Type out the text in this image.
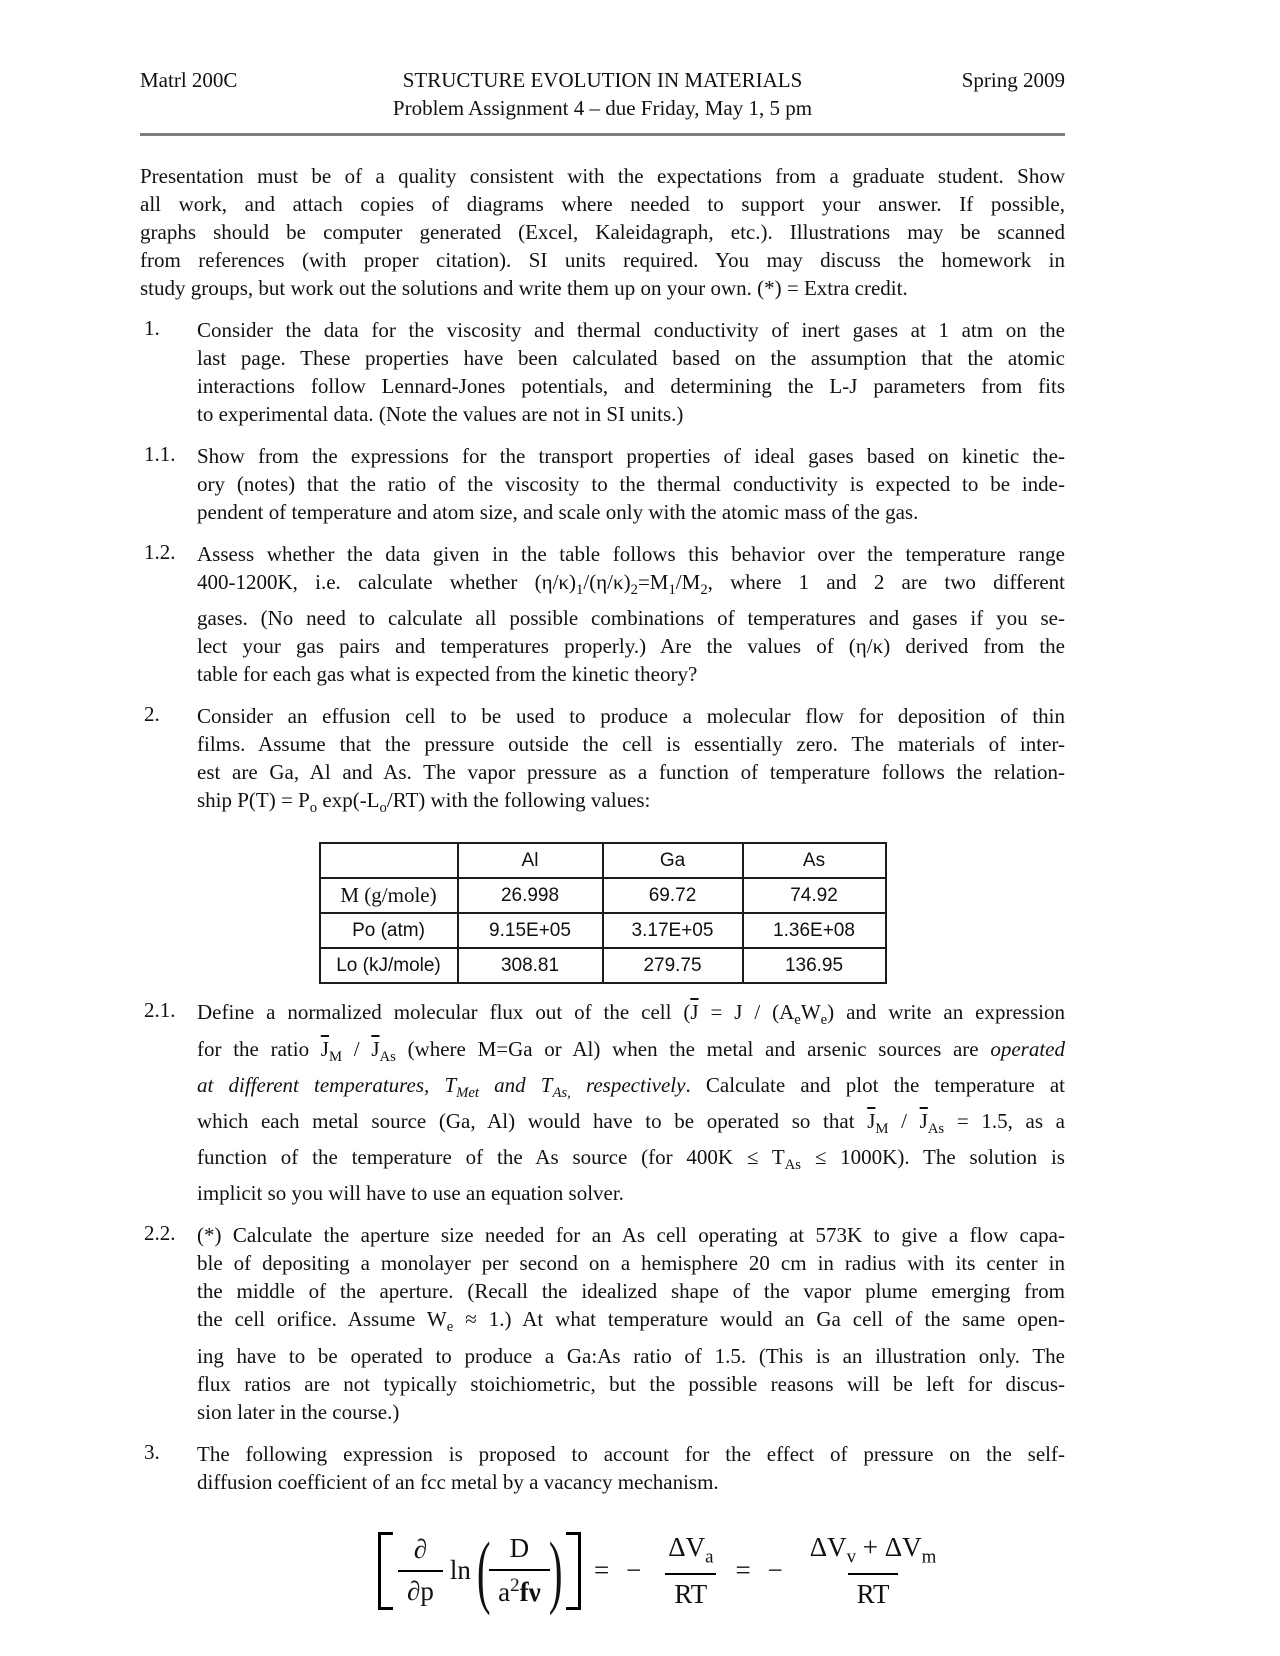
Matrl 200C	STRUCTURE EVOLUTION IN MATERIALS	Spring 2009
Problem Assignment 4 – due Friday, May 1, 5 pm
Presentation must be of a quality consistent with the expectations from a graduate student. Show
all work, and attach copies of diagrams where needed to support your answer. If possible,
graphs should be computer generated (Excel, Kaleidagraph, etc.). Illustrations may be scanned
from references (with proper citation). SI units required. You may discuss the homework in
study groups, but work out the solutions and write them up on your own. (*) = Extra credit.
1.	Consider the data for the viscosity and thermal conductivity of inert gases at 1 atm on the
last page. These properties have been calculated based on the assumption that the atomic
interactions follow Lennard-Jones potentials, and determining the L-J parameters from fits
to experimental data. (Note the values are not in SI units.)
1.1.	Show from the expressions for the transport properties of ideal gases based on kinetic the-
ory (notes) that the ratio of the viscosity to the thermal conductivity is expected to be inde-
pendent of temperature and atom size, and scale only with the atomic mass of the gas.
1.2.	Assess whether the data given in the table follows this behavior over the temperature range
400-1200K, i.e. calculate whether $(\eta/\kappa)_1/(\eta/\kappa)_2=M_1/M_2$, where 1 and 2 are two different
gases. (No need to calculate all possible combinations of temperatures and gases if you se-
lect your gas pairs and temperatures properly.) Are the values of (η/κ) derived from the
table for each gas what is expected from the kinetic theory?
2.	Consider an effusion cell to be used to produce a molecular flow for deposition of thin
films. Assume that the pressure outside the cell is essentially zero. The materials of inter-
est are Ga, Al and As. The vapor pressure as a function of temperature follows the relation-
ship $P(T) = P_o$ $\exp(-L_o/RT)$ with the following values:
	Al	Ga	As
M (g/mole)	26.998	69.72	74.92
Po (atm)	9.15E+05	3.17E+05	1.36E+08
Lo (kJ/mole)	308.81	279.75	136.95
2.1.	Define a normalized molecular flux out of the cell ($\overline{J} = J / (A_eW_e)$ and write an expression
for the ratio $\overline{J}_M / \overline{J}_{As}$ (where M=Ga or Al) when the metal and arsenic sources are operated
at different temperatures, $T_{Met}$ and $T_{As,}$ respectively. Calculate and plot the temperature at
which each metal source (Ga, Al) would have to be operated so that $\overline{J}_M / \overline{J}_{As} = 1.5$, as a
function of the temperature of the As source (for $400K \le T_{As} \le 1000K$). The solution is
implicit so you will have to use an equation solver.
2.2.	(*) Calculate the aperture size needed for an As cell operating at 573K to give a flow capa-
ble of depositing a monolayer per second on a hemisphere 20 cm in radius with its center in
the middle of the aperture. (Recall the idealized shape of the vapor plume emerging from
the cell orifice. Assume $W_e \approx 1$.) At what temperature would an Ga cell of the same open-
ing have to be operated to produce a Ga:As ratio of 1.5. (This is an illustration only. The
flux ratios are not typically stoichiometric, but the possible reasons will be left for discus-
sion later in the course.)
3.	The following expression is proposed to account for the effect of pressure on the self-
diffusion coefficient of an fcc metal by a vacancy mechanism.
$\frac{\partial}{\partial p}$ ln (
$\frac{D}{a^2f\nu}$
) = − $\frac{\Delta V_a}{RT}$ = − $\frac{\Delta V_v + \Delta V_m}{RT}$
